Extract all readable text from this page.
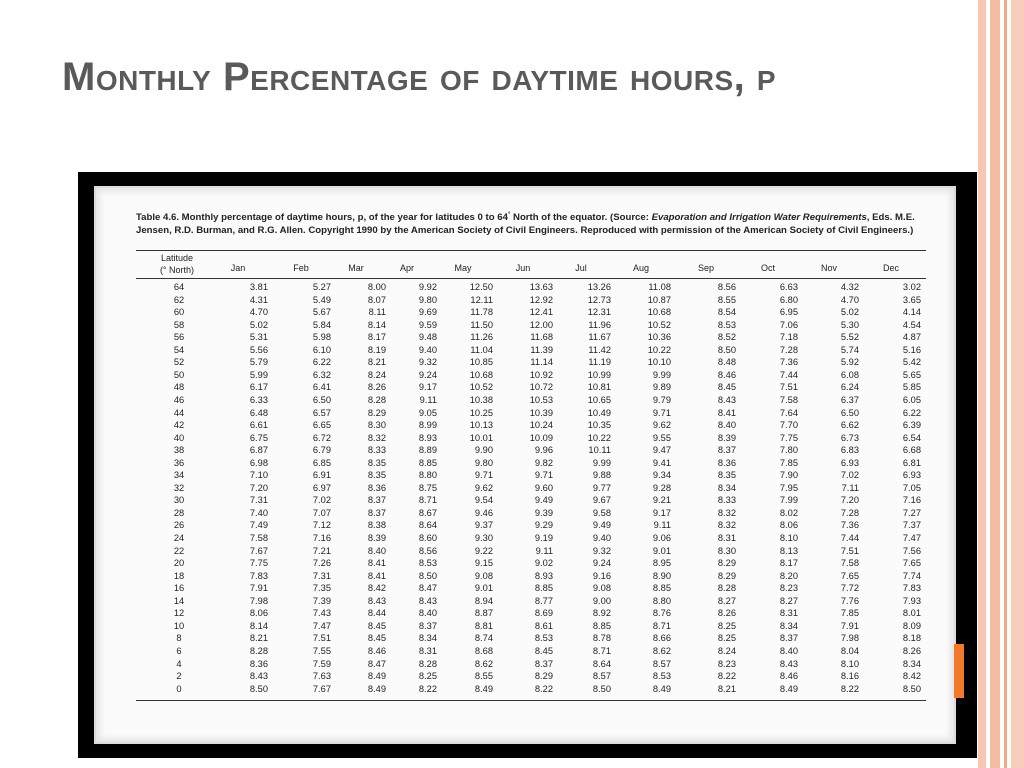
Monthly Percentage of daytime hours, p

Table 4.6. Monthly percentage of daytime hours, p, of the year for latitudes 0 to 64° North of the equator. (Source: Evaporation and Irrigation Water Requirements, Eds. M.E. Jensen, R.D. Burman, and R.G. Allen. Copyright 1990 by the American Society of Civil Engineers. Reproduced with permission of the American Society of Civil Engineers.)

Latitude
(° North)	Jan	Feb	Mar	Apr	May	Jun	Jul	Aug	Sep	Oct	Nov	Dec
64	3.81	5.27	8.00	9.92	12.50	13.63	13.26	11.08	8.56	6.63	4.32	3.02
62	4.31	5.49	8.07	9.80	12.11	12.92	12.73	10.87	8.55	6.80	4.70	3.65
60	4.70	5.67	8.11	9.69	11.78	12.41	12.31	10.68	8.54	6.95	5.02	4.14
58	5.02	5.84	8.14	9.59	11.50	12.00	11.96	10.52	8.53	7.06	5.30	4.54
56	5.31	5.98	8.17	9.48	11.26	11.68	11.67	10.36	8.52	7.18	5.52	4.87
54	5.56	6.10	8.19	9.40	11.04	11.39	11.42	10.22	8.50	7.28	5.74	5.16
52	5.79	6.22	8.21	9.32	10.85	11.14	11.19	10.10	8.48	7.36	5.92	5.42
50	5.99	6.32	8.24	9.24	10.68	10.92	10.99	9.99	8.46	7.44	6.08	5.65
48	6.17	6.41	8.26	9.17	10.52	10.72	10.81	9.89	8.45	7.51	6.24	5.85
46	6.33	6.50	8.28	9.11	10.38	10.53	10.65	9.79	8.43	7.58	6.37	6.05
44	6.48	6.57	8.29	9.05	10.25	10.39	10.49	9.71	8.41	7.64	6.50	6.22
42	6.61	6.65	8.30	8.99	10.13	10.24	10.35	9.62	8.40	7.70	6.62	6.39
40	6.75	6.72	8.32	8.93	10.01	10.09	10.22	9.55	8.39	7.75	6.73	6.54
38	6.87	6.79	8.33	8.89	9.90	9.96	10.11	9.47	8.37	7.80	6.83	6.68
36	6.98	6.85	8.35	8.85	9.80	9.82	9.99	9.41	8.36	7.85	6.93	6.81
34	7.10	6.91	8.35	8.80	9.71	9.71	9.88	9.34	8.35	7.90	7.02	6.93
32	7.20	6.97	8.36	8.75	9.62	9.60	9.77	9.28	8.34	7.95	7.11	7.05
30	7.31	7.02	8.37	8.71	9.54	9.49	9.67	9.21	8.33	7.99	7.20	7.16
28	7.40	7.07	8.37	8.67	9.46	9.39	9.58	9.17	8.32	8.02	7.28	7.27
26	7.49	7.12	8.38	8.64	9.37	9.29	9.49	9.11	8.32	8.06	7.36	7.37
24	7.58	7.16	8.39	8.60	9.30	9.19	9.40	9.06	8.31	8.10	7.44	7.47
22	7.67	7.21	8.40	8.56	9.22	9.11	9.32	9.01	8.30	8.13	7.51	7.56
20	7.75	7.26	8.41	8.53	9.15	9.02	9.24	8.95	8.29	8.17	7.58	7.65
18	7.83	7.31	8.41	8.50	9.08	8.93	9.16	8.90	8.29	8.20	7.65	7.74
16	7.91	7.35	8.42	8.47	9.01	8.85	9.08	8.85	8.28	8.23	7.72	7.83
14	7.98	7.39	8.43	8.43	8.94	8.77	9.00	8.80	8.27	8.27	7.76	7.93
12	8.06	7.43	8.44	8.40	8.87	8.69	8.92	8.76	8.26	8.31	7.85	8.01
10	8.14	7.47	8.45	8.37	8.81	8.61	8.85	8.71	8.25	8.34	7.91	8.09
8	8.21	7.51	8.45	8.34	8.74	8.53	8.78	8.66	8.25	8.37	7.98	8.18
6	8.28	7.55	8.46	8.31	8.68	8.45	8.71	8.62	8.24	8.40	8.04	8.26
4	8.36	7.59	8.47	8.28	8.62	8.37	8.64	8.57	8.23	8.43	8.10	8.34
2	8.43	7.63	8.49	8.25	8.55	8.29	8.57	8.53	8.22	8.46	8.16	8.42
0	8.50	7.67	8.49	8.22	8.49	8.22	8.50	8.49	8.21	8.49	8.22	8.50
